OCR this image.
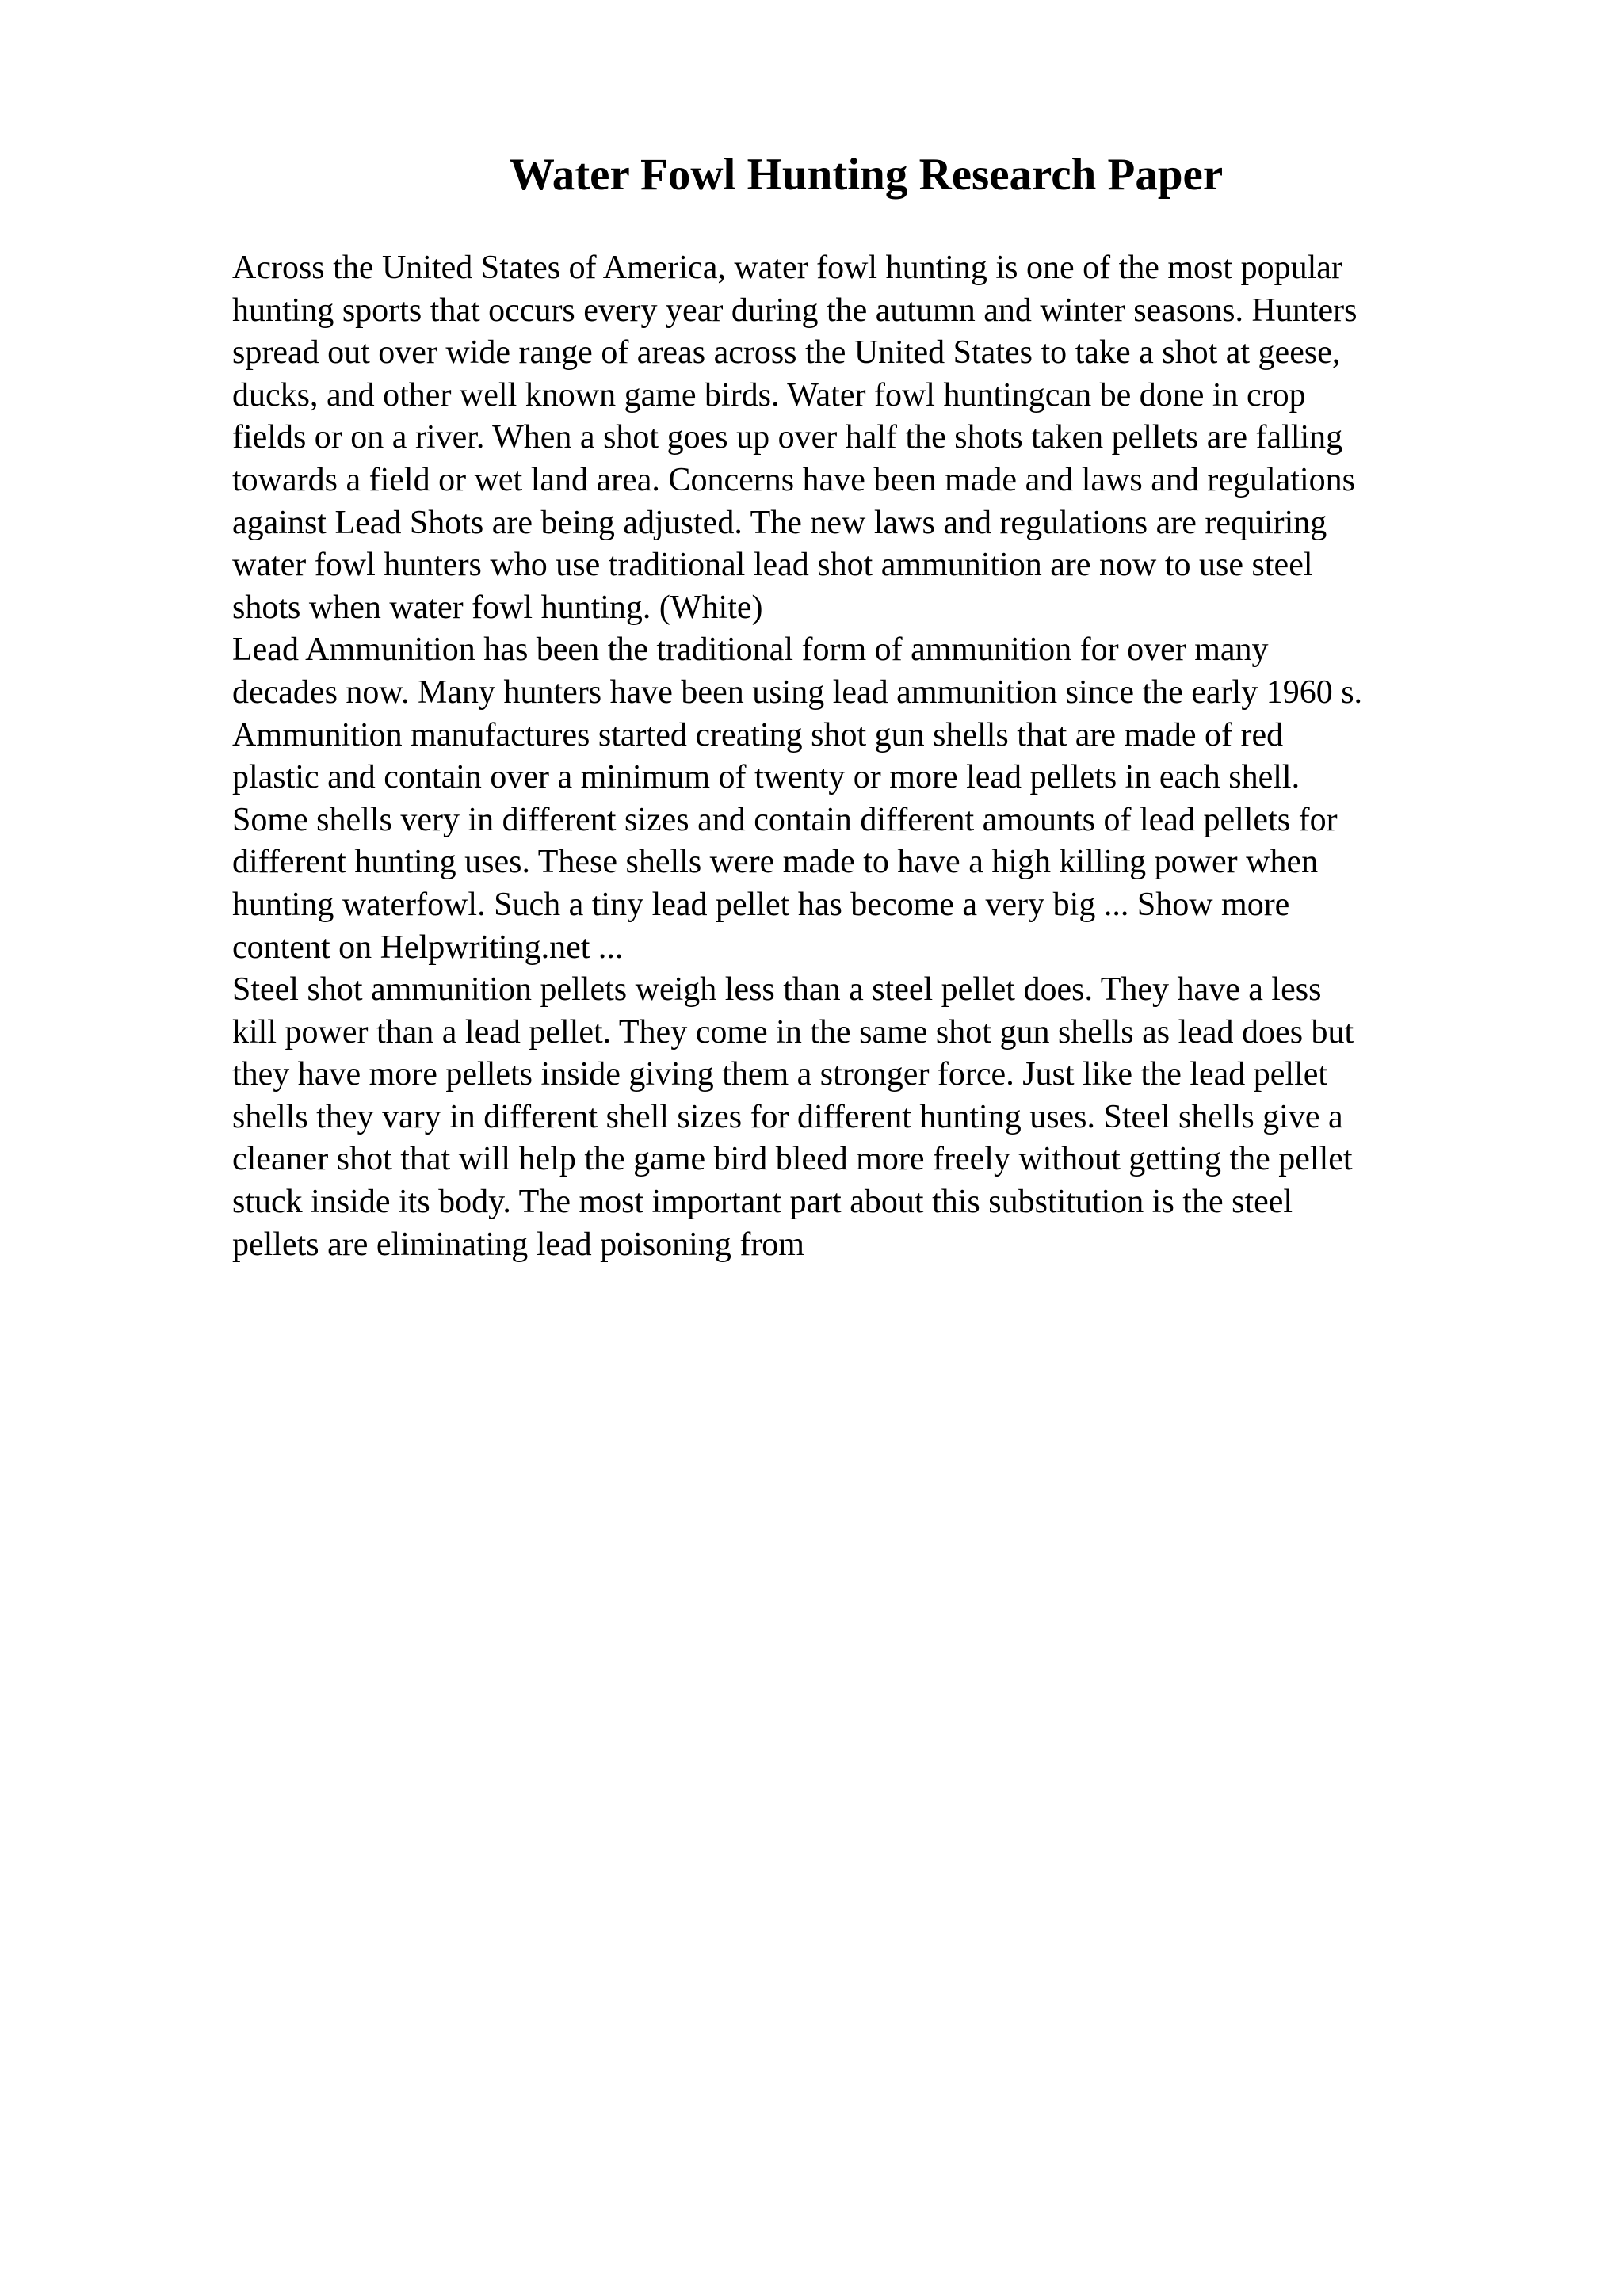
Water Fowl Hunting Research Paper
Across the United States of America, water fowl hunting is one of the most popular
hunting sports that occurs every year during the autumn and winter seasons. Hunters
spread out over wide range of areas across the United States to take a shot at geese,
ducks, and other well known game birds. Water fowl huntingcan be done in crop
fields or on a river. When a shot goes up over half the shots taken pellets are falling
towards a field or wet land area. Concerns have been made and laws and regulations
against Lead Shots are being adjusted. The new laws and regulations are requiring
water fowl hunters who use traditional lead shot ammunition are now to use steel
shots when water fowl hunting. (White)
Lead Ammunition has been the traditional form of ammunition for over many
decades now. Many hunters have been using lead ammunition since the early 1960 s.
Ammunition manufactures started creating shot gun shells that are made of red
plastic and contain over a minimum of twenty or more lead pellets in each shell.
Some shells very in different sizes and contain different amounts of lead pellets for
different hunting uses. These shells were made to have a high killing power when
hunting waterfowl. Such a tiny lead pellet has become a very big ... Show more
content on Helpwriting.net ...
Steel shot ammunition pellets weigh less than a steel pellet does. They have a less
kill power than a lead pellet. They come in the same shot gun shells as lead does but
they have more pellets inside giving them a stronger force. Just like the lead pellet
shells they vary in different shell sizes for different hunting uses. Steel shells give a
cleaner shot that will help the game bird bleed more freely without getting the pellet
stuck inside its body. The most important part about this substitution is the steel
pellets are eliminating lead poisoning from
